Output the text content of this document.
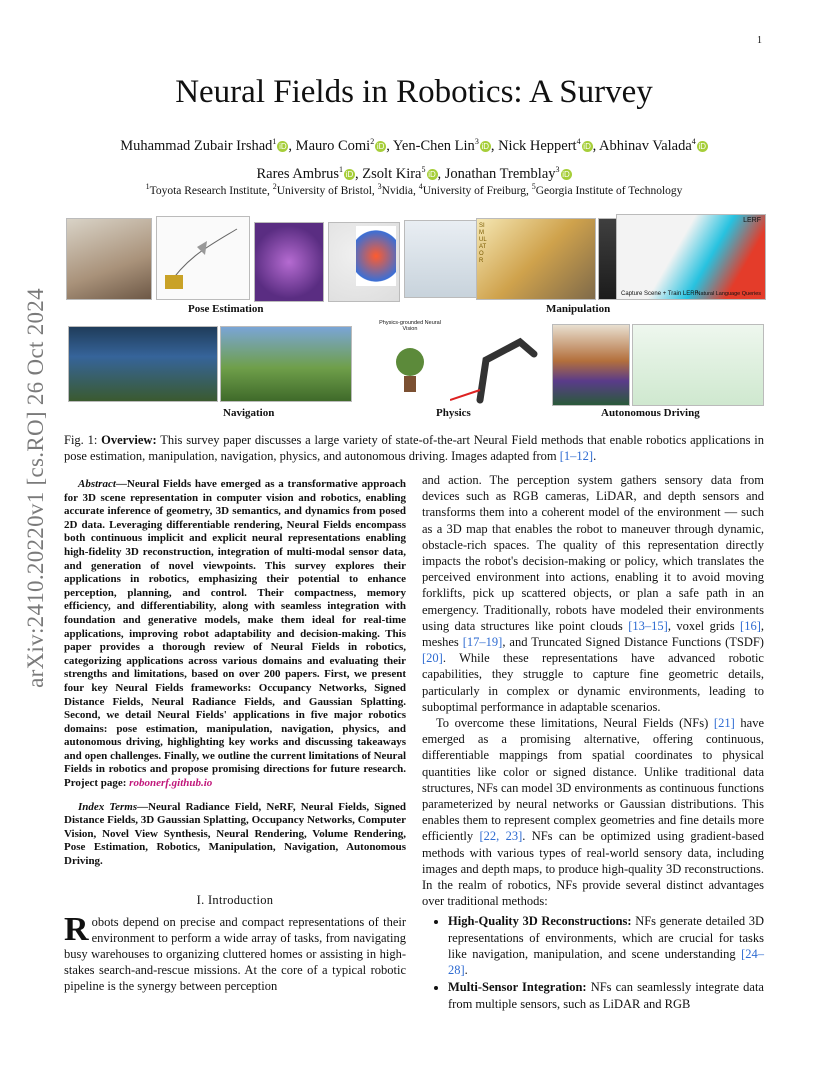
1
arXiv:2410.20220v1 [cs.RO] 26 Oct 2024
Neural Fields in Robotics: A Survey
Muhammad Zubair Irshad$^1$iD , Mauro Comi$^2$iD , Yen-Chen Lin$^3$iD , Nick Heppert$^4$iD , Abhinav Valada$^4$iD
Rares Ambrus$^1$iD , Zsolt Kira$^5$iD , Jonathan Tremblay$^3$iD
$^1$Toyota Research Institute, $^2$University of Bristol, $^3$Nvidia, $^4$University of Freiburg, $^5$Georgia Institute of Technology
SIMULATOR
LERF
Capture Scene + Train LERF
Natural Language Queries
Pose Estimation	Manipulation
Physics-grounded Neural Vision
Navigation	Physics	Autonomous Driving
Fig. 1: Overview: This survey paper discusses a large variety of state-of-the-art Neural Field methods that enable robotics applications in pose estimation, manipulation, navigation, physics, and autonomous driving. Images adapted from [1–12].

Abstract—Neural Fields have emerged as a transformative approach for 3D scene representation in computer vision and robotics, enabling accurate inference of geometry, 3D semantics, and dynamics from posed 2D data. Leveraging differentiable rendering, Neural Fields encompass both continuous implicit and explicit neural representations enabling high-fidelity 3D reconstruction, integration of multi-modal sensor data, and generation of novel viewpoints. This survey explores their applications in robotics, emphasizing their potential to enhance perception, planning, and control. Their compactness, memory efficiency, and differentiability, along with seamless integration with foundation and generative models, make them ideal for real-time applications, improving robot adaptability and decision-making. This paper provides a thorough review of Neural Fields in robotics, categorizing applications across various domains and evaluating their strengths and limitations, based on over 200 papers. First, we present four key Neural Fields frameworks: Occupancy Networks, Signed Distance Fields, Neural Radiance Fields, and Gaussian Splatting. Second, we detail Neural Fields' applications in five major robotics domains: pose estimation, manipulation, navigation, physics, and autonomous driving, highlighting key works and discussing takeaways and open challenges. Finally, we outline the current limitations of Neural Fields in robotics and propose promising directions for future research. Project page: robonerf.github.io

Index Terms—Neural Radiance Field, NeRF, Neural Fields, Signed Distance Fields, 3D Gaussian Splatting, Occupancy Networks, Computer Vision, Novel View Synthesis, Neural Rendering, Volume Rendering, Pose Estimation, Robotics, Manipulation, Navigation, Autonomous Driving.

I. Introduction

Robots depend on precise and compact representations of their environment to perform a wide array of tasks, from navigating busy warehouses to organizing cluttered homes or assisting in high-stakes search-and-rescue missions. At the core of a typical robotic pipeline is the synergy between perception

and action. The perception system gathers sensory data from devices such as RGB cameras, LiDAR, and depth sensors and transforms them into a coherent model of the environment — such as a 3D map that enables the robot to maneuver through dynamic, obstacle-rich spaces. The quality of this representation directly impacts the robot's decision-making or policy, which translates the perceived environment into actions, enabling it to avoid moving forklifts, pick up scattered objects, or plan a safe path in an emergency. Traditionally, robots have modeled their environments using data structures like point clouds [13–15], voxel grids [16], meshes [17–19], and Truncated Signed Distance Functions (TSDF) [20]. While these representations have advanced robotic capabilities, they struggle to capture fine geometric details, particularly in complex or dynamic environments, leading to suboptimal performance in adaptable scenarios.

To overcome these limitations, Neural Fields (NFs) [21] have emerged as a promising alternative, offering continuous, differentiable mappings from spatial coordinates to physical quantities like color or signed distance. Unlike traditional data structures, NFs can model 3D environments as continuous functions parameterized by neural networks or Gaussian distributions. This enables them to represent complex geometries and fine details more efficiently [22, 23]. NFs can be optimized using gradient-based methods with various types of real-world sensory data, including images and depth maps, to produce high-quality 3D reconstructions. In the realm of robotics, NFs provide several distinct advantages over traditional methods:

• High-Quality 3D Reconstructions: NFs generate detailed 3D representations of environments, which are crucial for tasks like navigation, manipulation, and scene understanding [24–28].
• Multi-Sensor Integration: NFs can seamlessly integrate data from multiple sensors, such as LiDAR and RGB
